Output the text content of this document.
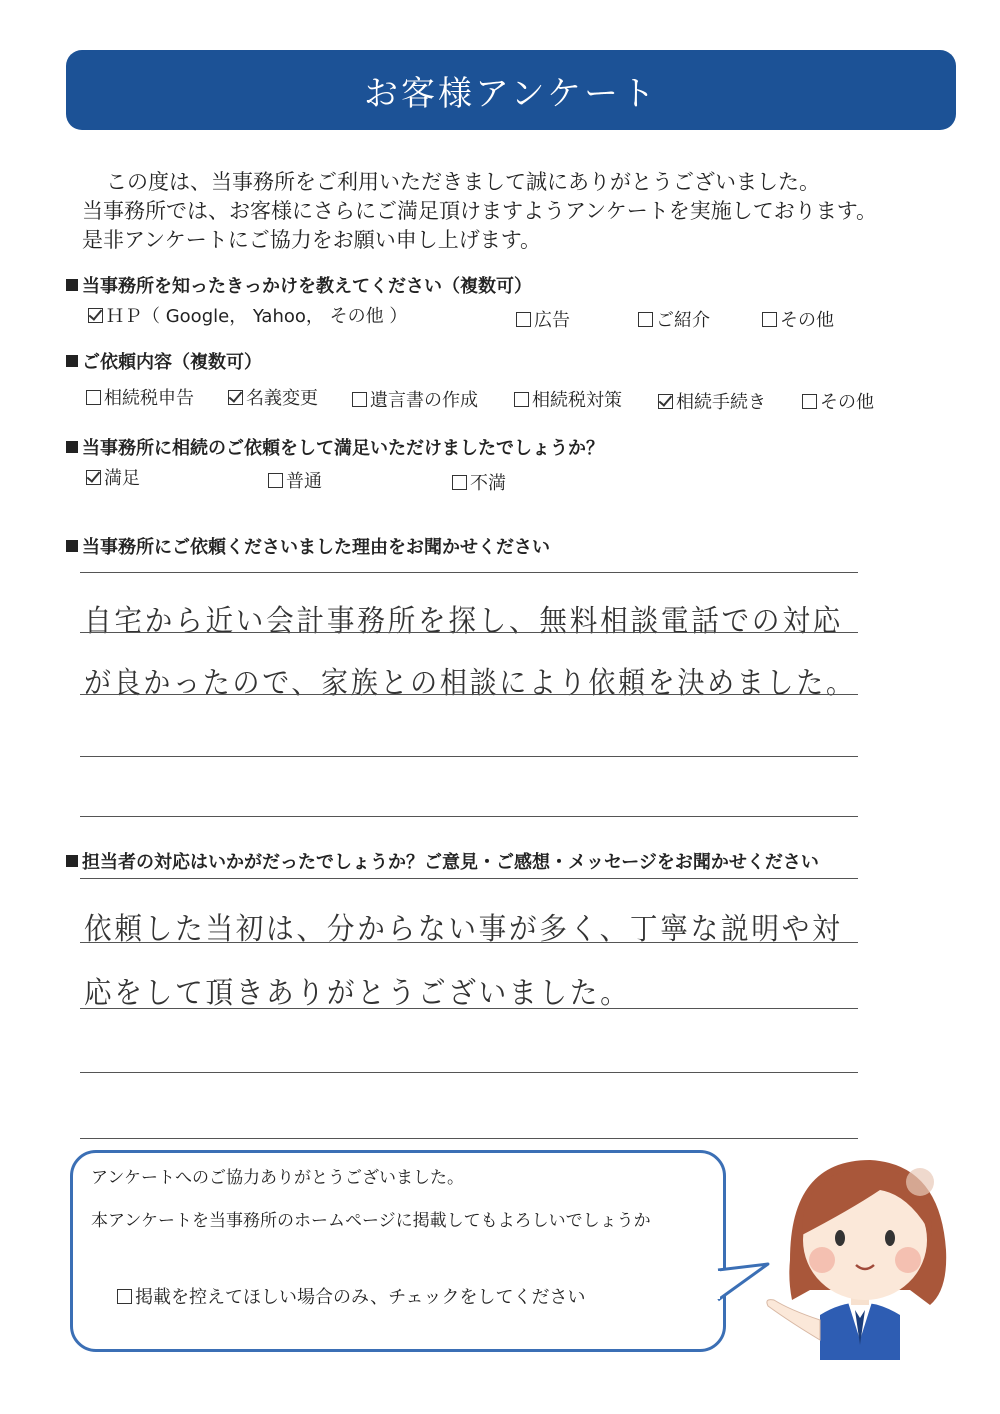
お客様アンケート

この度は、当事務所をご利用いただきまして誠にありがとうございました。

当事務所では、お客様にさらにご満足頂けますようアンケートを実施しております。

是非アンケートにご協力をお願い申し上げます。

当事務所を知ったきっかけを教えてください（複数可）
ＨＰ（ Google， Yahoo， その他 ）	広告	ご紹介	その他
ご依頼内容（複数可）
相続税申告	名義変更	遺言書の作成	相続税対策	相続手続き	その他
当事務所に相続のご依頼をして満足いただけましたでしょうか？
満足	普通	不満
当事務所にご依頼くださいました理由をお聞かせください
自宅から近い会計事務所を探し、無料相談電話での対応
が良かったので、家族との相談により依頼を決めました。
担当者の対応はいかがだったでしょうか？ご意見・ご感想・メッセージをお聞かせください
依頼した当初は、分からない事が多く、丁寧な説明や対
応をして頂きありがとうございました。
アンケートへのご協力ありがとうございました。
本アンケートを当事務所のホームページに掲載してもよろしいでしょうか
掲載を控えてほしい場合のみ、チェックをしてください
